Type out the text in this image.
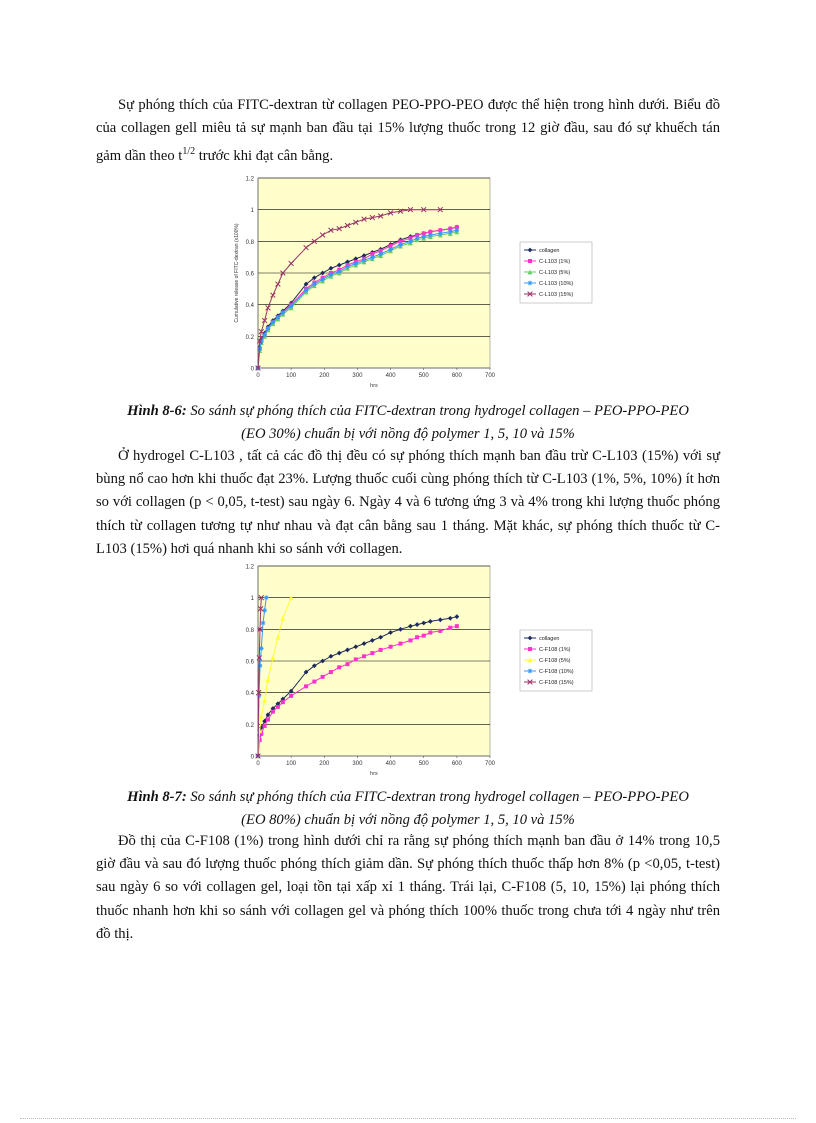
Sự phóng thích của FITC-dextran từ collagen PEO-PPO-PEO được thể hiện trong hình dưới. Biểu đồ của collagen gell miêu tả sự mạnh ban đầu tại 15% lượng thuốc trong 12 giờ đầu, sau đó sự khuếch tán gảm dần theo $t^{1/2}$ trước khi đạt cân bằng.

0
0.2
0.4
0.6
0.8
1
1.2
0	100	200	300	400	500	600	700
hrs
Cumulative release of FITC-dextran (x100%)	collagen
C-L103 (1%)
C-L103 (5%)
C-L103 (10%)
C-L103 (15%)

Hình 8-6: So sánh sự phóng thích của FITC-dextran trong hydrogel collagen – PEO-PPO-PEO
(EO 30%) chuẩn bị với nồng độ polymer 1, 5, 10 và 15%

Ở hydrogel C-L103 , tất cả các đồ thị đều có sự phóng thích mạnh ban đầu trừ C-L103 (15%) với sự bùng nổ cao hơn khi thuốc đạt 23%. Lượng thuốc cuối cùng phóng thích từ C-L103 (1%, 5%, 10%) ít hơn so với collagen (p < 0,05, t-test) sau ngày 6. Ngày 4 và 6 tương ứng 3 và 4% trong khi lượng thuốc phóng thích từ collagen tương tự như nhau và đạt cân bằng sau 1 tháng. Mặt khác, sự phóng thích thuốc từ C-L103 (15%) hơi quá nhanh khi so sánh với collagen.

0
0.2
0.4
0.6
0.8
1
1.2
0	100	200	300	400	500	600	700
hrs
collagen
C-F108 (1%)
C-F108 (5%)
C-F108 (10%)
C-F108 (15%)

Hình 8-7: So sánh sự phóng thích của FITC-dextran trong hydrogel collagen – PEO-PPO-PEO
(EO 80%) chuẩn bị với nồng độ polymer 1, 5, 10 và 15%

Đồ thị của C-F108 (1%) trong hình dưới chỉ ra rằng sự phóng thích mạnh ban đầu ở 14% trong 10,5 giờ đầu và sau đó lượng thuốc phóng thích giảm dần. Sự phóng thích thuốc thấp hơn 8% (p <0,05, t-test) sau ngày 6 so với collagen gel, loại tồn tại xấp xỉ 1 tháng. Trái lại, C-F108 (5, 10, 15%) lại phóng thích thuốc nhanh hơn khi so sánh với collagen gel và phóng thích 100% thuốc trong chưa tới 4 ngày như trên đồ thị.
